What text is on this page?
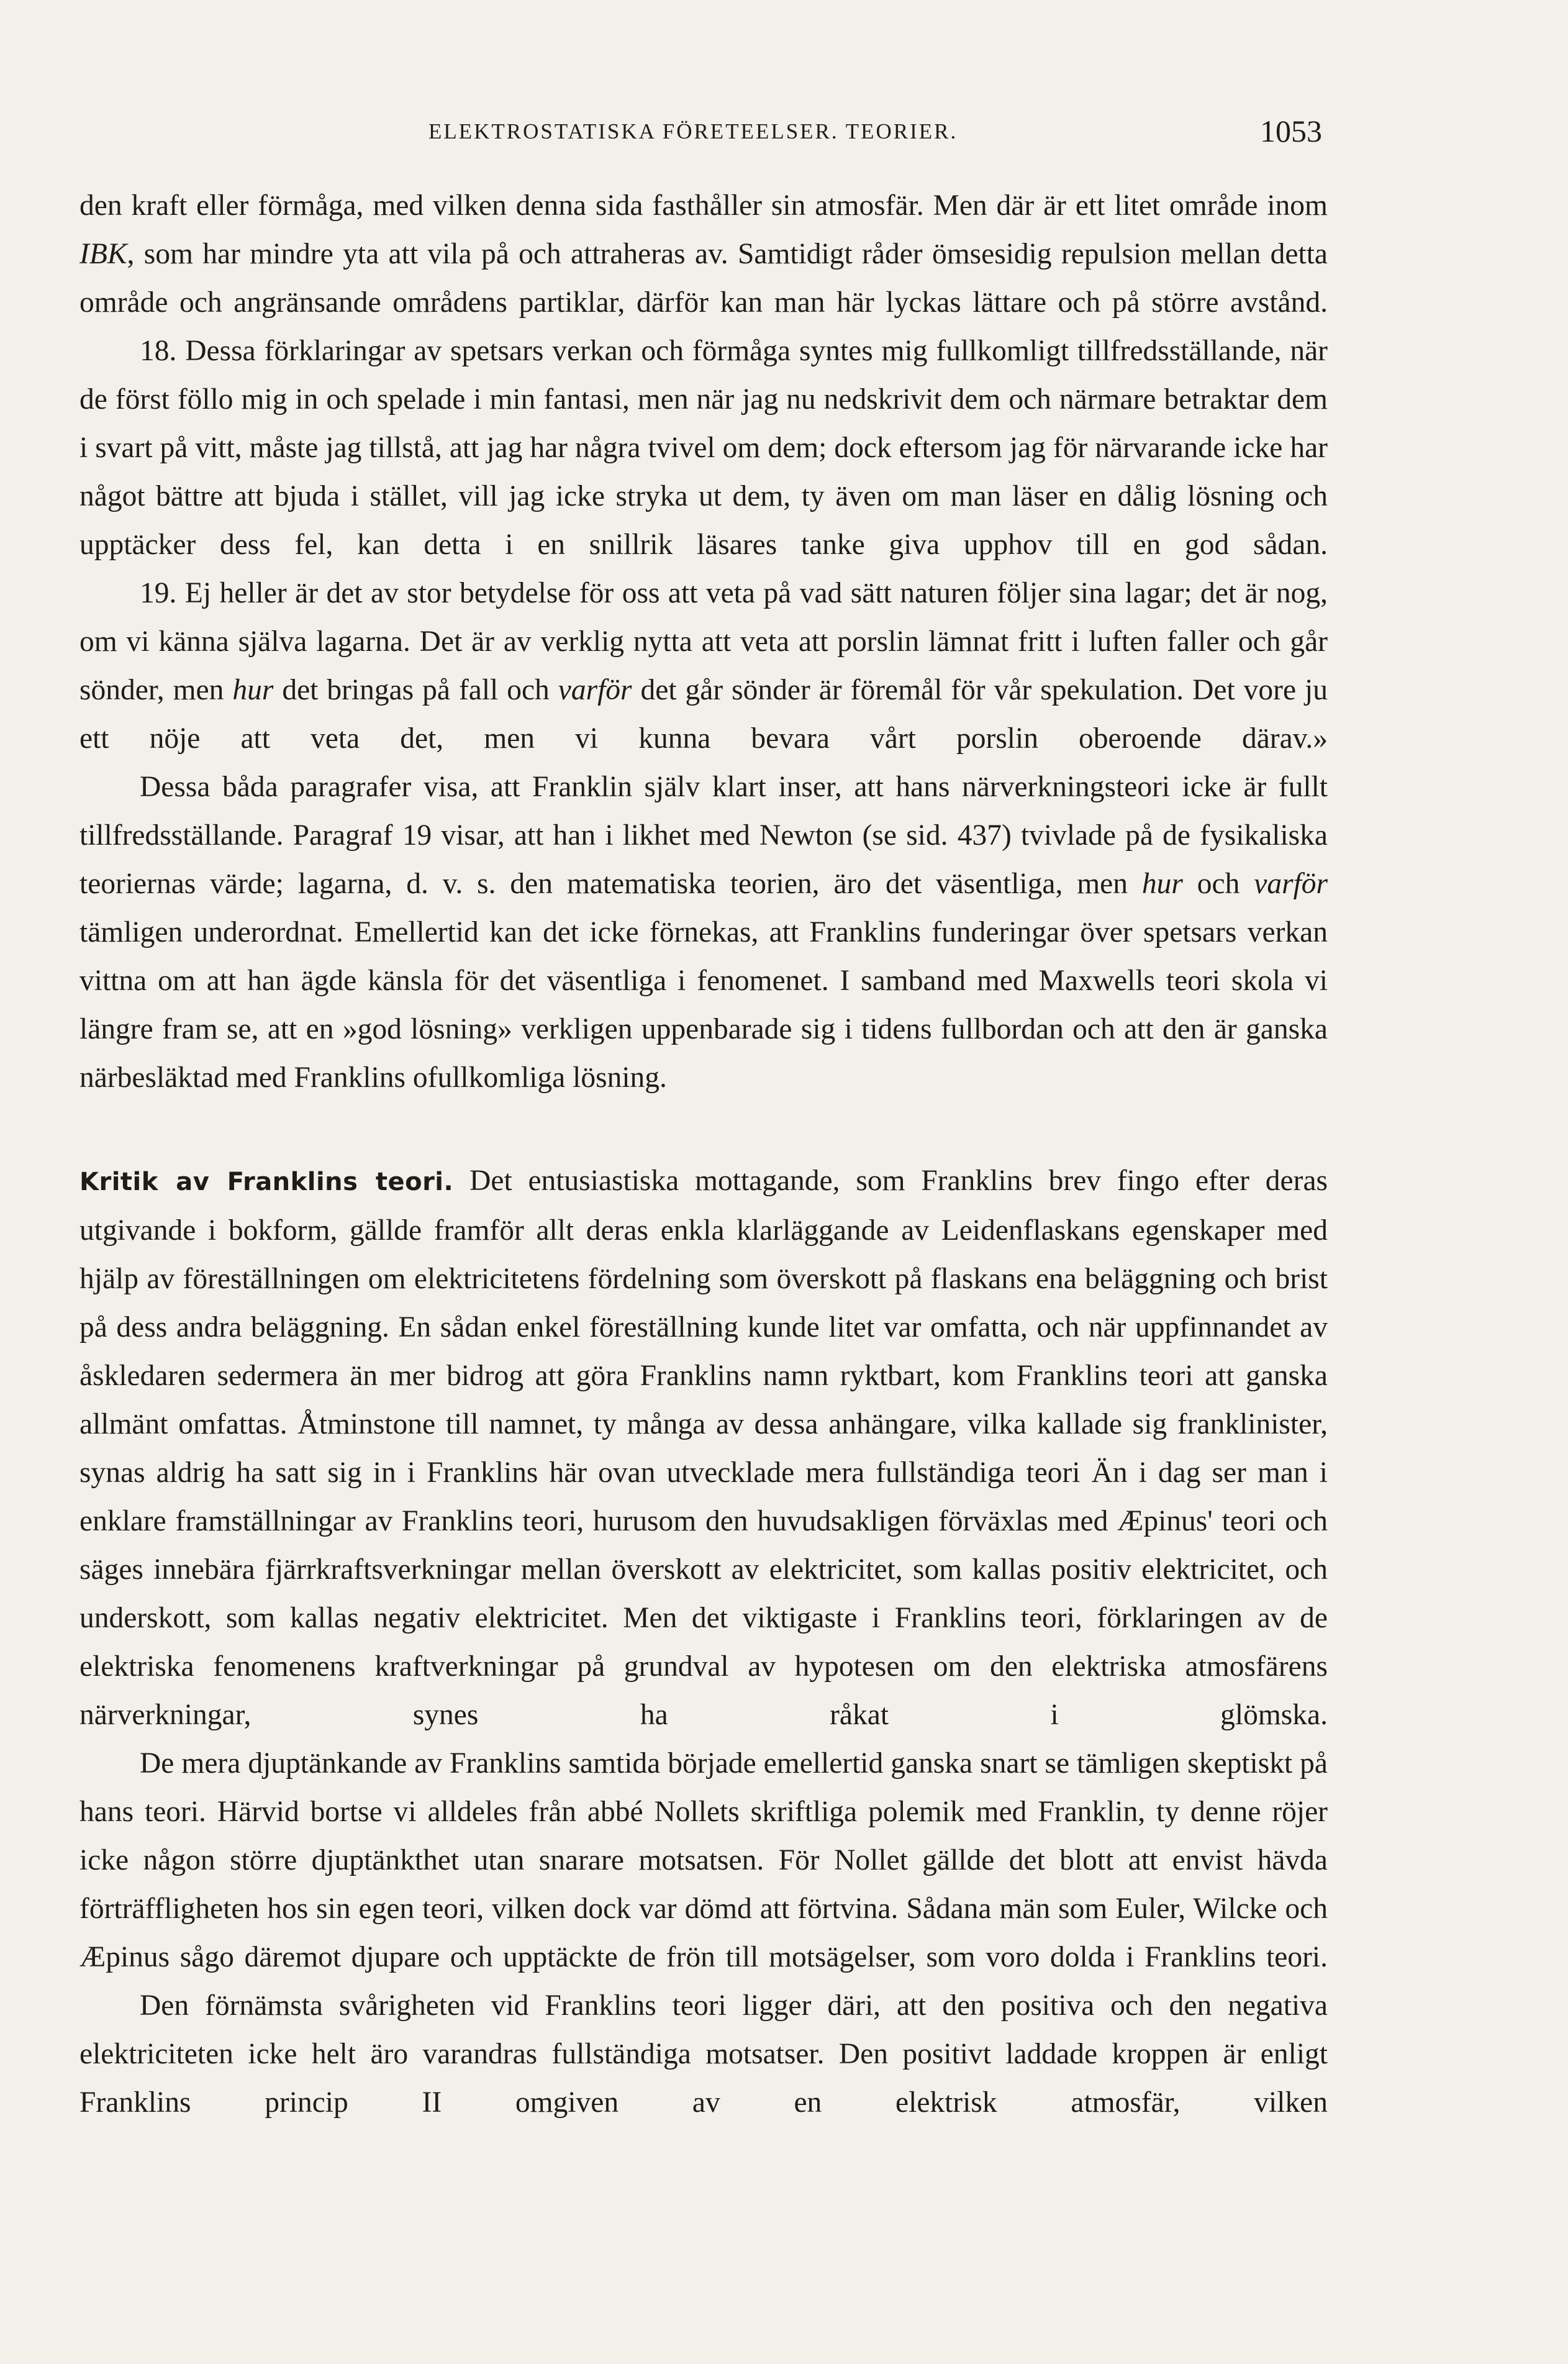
ELEKTROSTATISKA FÖRETEELSER. TEORIER.	1053

den kraft eller förmåga, med vilken denna sida fasthåller sin atmosfär. Men där är ett litet område inom IBK, som har mindre yta att vila på och attraheras av. Samtidigt råder ömsesidig repulsion mellan detta område och angränsande områdens partiklar, därför kan man här lyckas lättare och på större avstånd.

18. Dessa förklaringar av spetsars verkan och förmåga syntes mig fullkomligt tillfredsställande, när de först föllo mig in och spelade i min fantasi, men när jag nu nedskrivit dem och närmare betraktar dem i svart på vitt, måste jag tillstå, att jag har några tvivel om dem; dock eftersom jag för närvarande icke har något bättre att bjuda i stället, vill jag icke stryka ut dem, ty även om man läser en dålig lösning och upptäcker dess fel, kan detta i en snillrik läsares tanke giva upphov till en god sådan.

19. Ej heller är det av stor betydelse för oss att veta på vad sätt naturen följer sina lagar; det är nog, om vi känna själva lagarna. Det är av verklig nytta att veta att porslin lämnat fritt i luften faller och går sönder, men hur det bringas på fall och varför det går sönder är föremål för vår spekulation. Det vore ju ett nöje att veta det, men vi kunna bevara vårt porslin oberoende därav.»

Dessa båda paragrafer visa, att Franklin själv klart inser, att hans närverkningsteori icke är fullt tillfredsställande. Paragraf 19 visar, att han i likhet med Newton (se sid. 437) tvivlade på de fysikaliska teoriernas värde; lagarna, d. v. s. den matematiska teorien, äro det väsentliga, men hur och varför tämligen underordnat. Emellertid kan det icke förnekas, att Franklins funderingar över spetsars verkan vittna om att han ägde känsla för det väsentliga i fenomenet. I samband med Maxwells teori skola vi längre fram se, att en »god lösning» verkligen uppenbarade sig i tidens fullbordan och att den är ganska närbesläktad med Franklins ofullkomliga lösning.

Kritik av Franklins teori. Det entusiastiska mottagande, som Franklins brev fingo efter deras utgivande i bokform, gällde framför allt deras enkla klarläggande av Leidenflaskans egenskaper med hjälp av föreställningen om elektricitetens fördelning som överskott på flaskans ena beläggning och brist på dess andra beläggning. En sådan enkel föreställning kunde litet var omfatta, och när uppfinnandet av åskledaren sedermera än mer bidrog att göra Franklins namn ryktbart, kom Franklins teori att ganska allmänt omfattas. Åtminstone till namnet, ty många av dessa anhängare, vilka kallade sig franklinister, synas aldrig ha satt sig in i Franklins här ovan utvecklade mera fullständiga teori Än i dag ser man i enklare framställningar av Franklins teori, hurusom den huvudsakligen förväxlas med Æpinus' teori och säges innebära fjärrkraftsverkningar mellan överskott av elektricitet, som kallas positiv elektricitet, och underskott, som kallas negativ elektricitet. Men det viktigaste i Franklins teori, förklaringen av de elektriska fenomenens kraftverkningar på grundval av hypotesen om den elektriska atmosfärens närverkningar, synes ha råkat i glömska.

De mera djuptänkande av Franklins samtida började emellertid ganska snart se tämligen skeptiskt på hans teori. Härvid bortse vi alldeles från abbé Nollets skriftliga polemik med Franklin, ty denne röjer icke någon större djuptänkthet utan snarare motsatsen. För Nollet gällde det blott att envist hävda förträffligheten hos sin egen teori, vilken dock var dömd att förtvina. Sådana män som Euler, Wilcke och Æpinus sågo däremot djupare och upptäckte de frön till motsägelser, som voro dolda i Franklins teori.

Den förnämsta svårigheten vid Franklins teori ligger däri, att den positiva och den negativa elektriciteten icke helt äro varandras fullständiga motsatser. Den positivt laddade kroppen är enligt Franklins princip II omgiven av en elektrisk atmosfär, vilken
